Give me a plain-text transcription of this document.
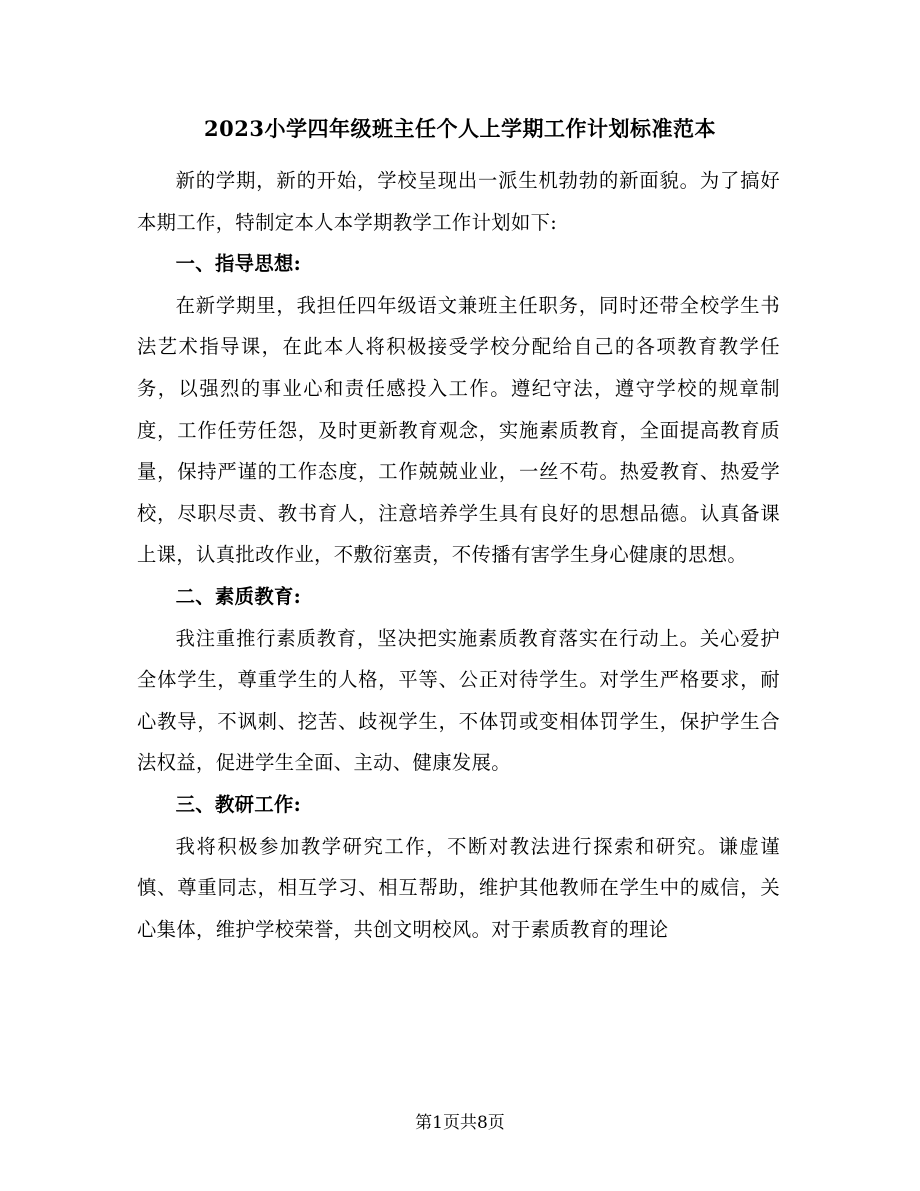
2023小学四年级班主任个人上学期工作计划标准范本

新的学期，新的开始，学校呈现出一派生机勃勃的新面貌。为了搞好本期工作，特制定本人本学期教学工作计划如下:

一、指导思想:

在新学期里，我担任四年级语文兼班主任职务，同时还带全校学生书法艺术指导课，在此本人将积极接受学校分配给自己的各项教育教学任务，以强烈的事业心和责任感投入工作。遵纪守法，遵守学校的规章制度，工作任劳任怨，及时更新教育观念，实施素质教育，全面提高教育质量，保持严谨的工作态度，工作兢兢业业，一丝不苟。热爱教育、热爱学校，尽职尽责、教书育人，注意培养学生具有良好的思想品德。认真备课上课，认真批改作业，不敷衍塞责，不传播有害学生身心健康的思想。

二、素质教育:

我注重推行素质教育，坚决把实施素质教育落实在行动上。关心爱护全体学生，尊重学生的人格，平等、公正对待学生。对学生严格要求，耐心教导，不讽刺、挖苦、歧视学生，不体罚或变相体罚学生，保护学生合法权益，促进学生全面、主动、健康发展。

三、教研工作:

我将积极参加教学研究工作，不断对教法进行探索和研究。谦虚谨慎、尊重同志，相互学习、相互帮助，维护其他教师在学生中的威信，关心集体，维护学校荣誉，共创文明校风。对于素质教育的理论

第1页共8页
